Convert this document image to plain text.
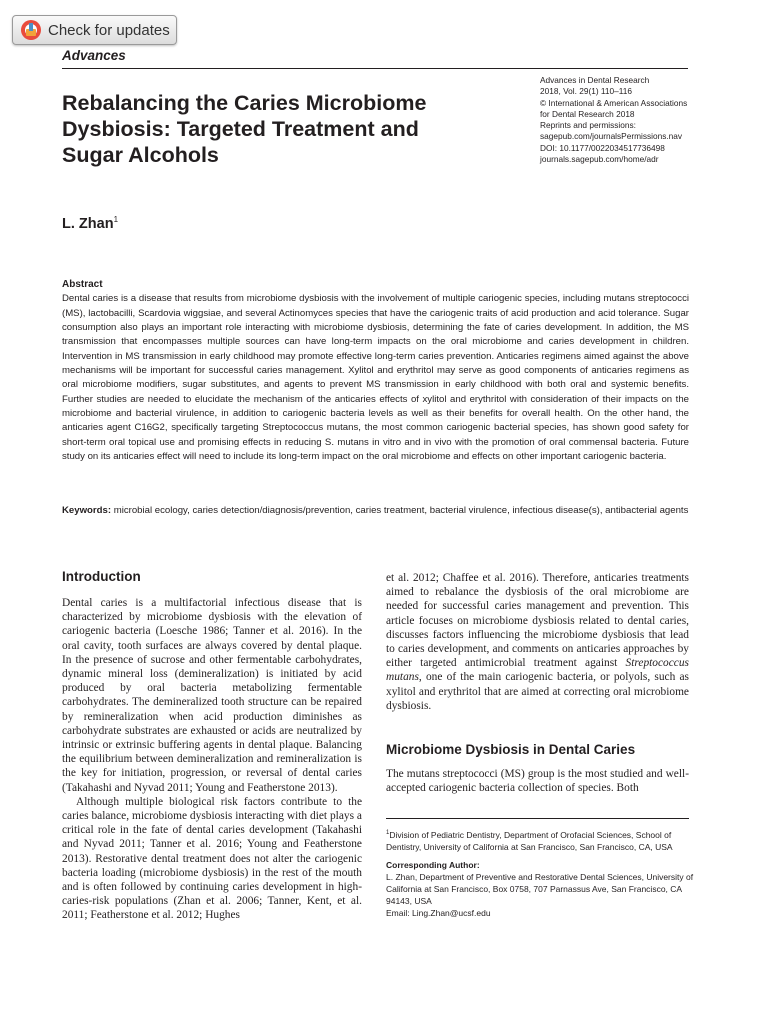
Check for updates
Advances
Rebalancing the Caries Microbiome Dysbiosis: Targeted Treatment and Sugar Alcohols
Advances in Dental Research
2018, Vol. 29(1) 110–116
© International & American Associations
for Dental Research 2018
Reprints and permissions:
sagepub.com/journalsPermissions.nav
DOI: 10.1177/0022034517736498
journals.sagepub.com/home/adr
L. Zhan$^1$
Abstract
Dental caries is a disease that results from microbiome dysbiosis with the involvement of multiple cariogenic species, including mutans streptococci (MS), lactobacilli, Scardovia wiggsiae, and several Actinomyces species that have the cariogenic traits of acid production and acid tolerance. Sugar consumption also plays an important role interacting with microbiome dysbiosis, determining the fate of caries development. In addition, the MS transmission that encompasses multiple sources can have long-term impacts on the oral microbiome and caries development in children. Intervention in MS transmission in early childhood may promote effective long-term caries prevention. Anticaries regimens aimed against the above mechanisms will be important for successful caries management. Xylitol and erythritol may serve as good components of anticaries regimens as oral microbiome modifiers, sugar substitutes, and agents to prevent MS transmission in early childhood with both oral and systemic benefits. Further studies are needed to elucidate the mechanism of the anticaries effects of xylitol and erythritol with consideration of their impacts on the microbiome and bacterial virulence, in addition to cariogenic bacteria levels as well as their benefits for overall health. On the other hand, the anticaries agent C16G2, specifically targeting Streptococcus mutans, the most common cariogenic bacterial species, has shown good safety for short-term oral topical use and promising effects in reducing S. mutans in vitro and in vivo with the promotion of oral commensal bacteria. Future study on its anticaries effect will need to include its long-term impact on the oral microbiome and effects on other important cariogenic bacteria.
Keywords: microbial ecology, caries detection/diagnosis/prevention, caries treatment, bacterial virulence, infectious disease(s), antibacterial agents
Introduction

Dental caries is a multifactorial infectious disease that is characterized by microbiome dysbiosis with the elevation of cariogenic bacteria (Loesche 1986; Tanner et al. 2016). In the oral cavity, tooth surfaces are always covered by dental plaque. In the presence of sucrose and other fermentable carbohydrates, dynamic mineral loss (demineralization) is initiated by acid produced by oral bacteria metabolizing fermentable carbohydrates. The demineralized tooth structure can be repaired by remineralization when acid production diminishes as carbohydrate substrates are exhausted or acids are neutralized by intrinsic or extrinsic buffering agents in dental plaque. Balancing the equilibrium between demineralization and remineralization is the key for initiation, progression, or reversal of dental caries (Takahashi and Nyvad 2011; Young and Featherstone 2013).

Although multiple biological risk factors contribute to the caries balance, microbiome dysbiosis interacting with diet plays a critical role in the fate of dental caries development (Takahashi and Nyvad 2011; Tanner et al. 2016; Young and Featherstone 2013). Restorative dental treatment does not alter the cariogenic bacteria loading (microbiome dysbiosis) in the rest of the mouth and is often followed by continuing caries development in high-caries-risk populations (Zhan et al. 2006; Tanner, Kent, et al. 2011; Featherstone et al. 2012; Hughes

et al. 2012; Chaffee et al. 2016). Therefore, anticaries treatments aimed to rebalance the dysbiosis of the oral microbiome are needed for successful caries management and prevention. This article focuses on microbiome dysbiosis related to dental caries, discusses factors influencing the microbiome dysbiosis that lead to caries development, and comments on anticaries approaches by either targeted antimicrobial treatment against Streptococcus mutans, one of the main cariogenic bacteria, or polyols, such as xylitol and erythritol that are aimed at correcting oral microbiome dysbiosis.

Microbiome Dysbiosis in Dental Caries

The mutans streptococci (MS) group is the most studied and well-accepted cariogenic bacteria collection of species. Both

$^1$Division of Pediatric Dentistry, Department of Orofacial Sciences, School of Dentistry, University of California at San Francisco, San Francisco, CA, USA
Corresponding Author:
L. Zhan, Department of Preventive and Restorative Dental Sciences, University of California at San Francisco, Box 0758, 707 Parnassus Ave, San Francisco, CA 94143, USA
Email: Ling.Zhan@ucsf.edu
